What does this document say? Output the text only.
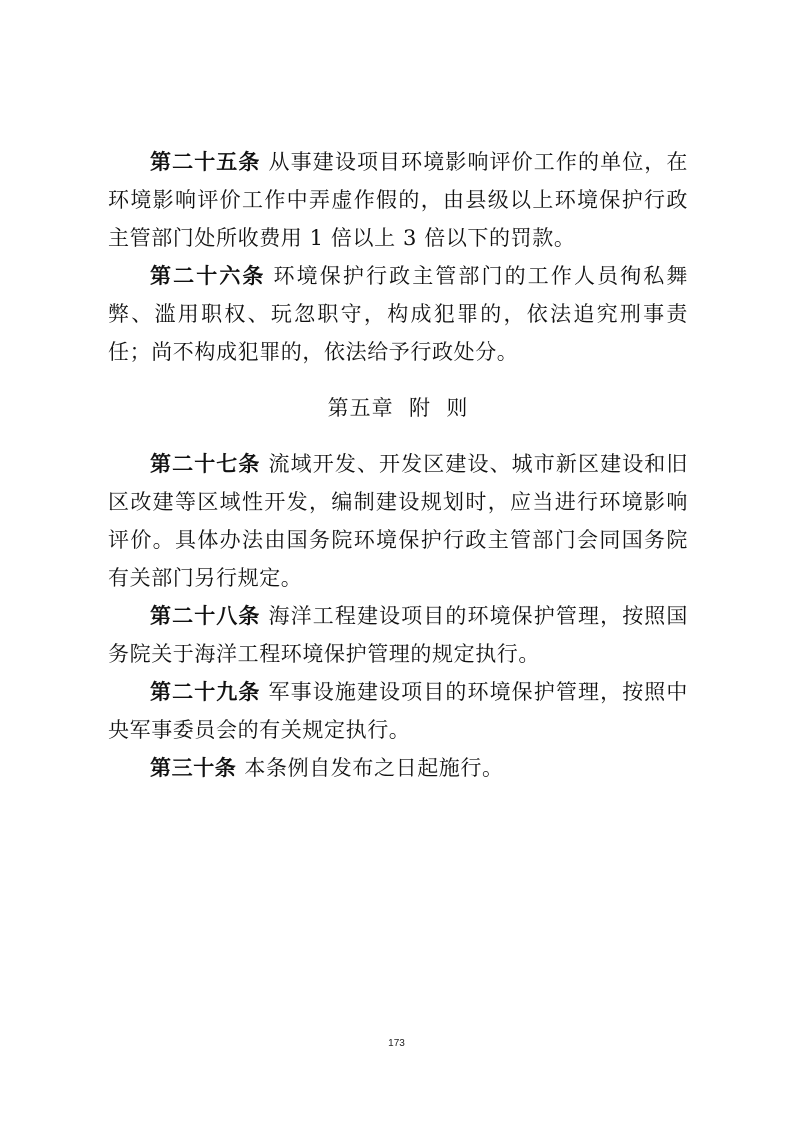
第二十五条 从事建设项目环境影响评价工作的单位，在环境影响评价工作中弄虚作假的，由县级以上环境保护行政主管部门处所收费用 1 倍以上 3 倍以下的罚款。

第二十六条 环境保护行政主管部门的工作人员徇私舞弊、滥用职权、玩忽职守，构成犯罪的，依法追究刑事责任；尚不构成犯罪的，依法给予行政处分。

第五章  附  则

第二十七条 流域开发、开发区建设、城市新区建设和旧区改建等区域性开发，编制建设规划时，应当进行环境影响评价。具体办法由国务院环境保护行政主管部门会同国务院有关部门另行规定。

第二十八条 海洋工程建设项目的环境保护管理，按照国务院关于海洋工程环境保护管理的规定执行。

第二十九条 军事设施建设项目的环境保护管理，按照中央军事委员会的有关规定执行。

第三十条 本条例自发布之日起施行。

173
